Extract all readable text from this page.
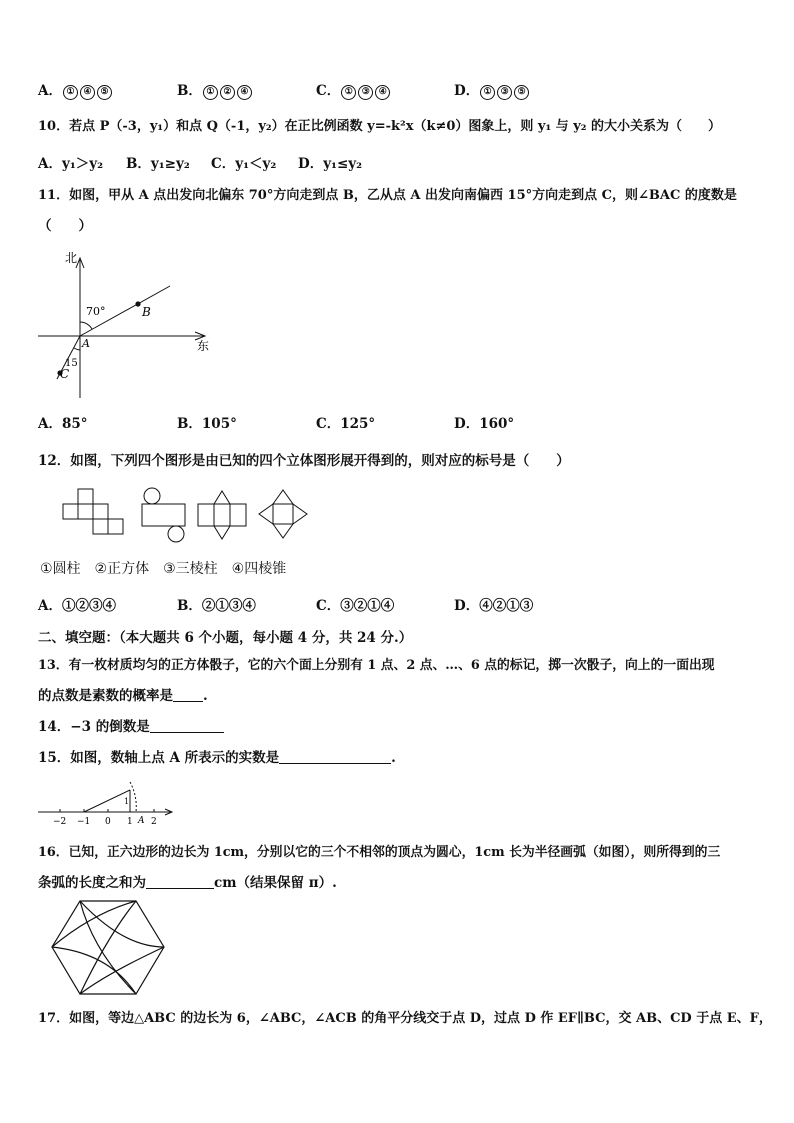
A． ① ④ ⑤	B． ① ② ④	C． ① ③ ④	D． ① ③ ⑤
10．若点 P（-3，y₁）和点 Q（-1，y₂）在正比例函数 y=-k²x（k≠0）图象上，则 y₁ 与 y₂ 的大小关系为（　　）
A．y₁＞y₂ B．y₁≥y₂ C．y₁＜y₂ D．y₁≤y₂
11．如图，甲从 A 点出发向北偏东 70°方向走到点 B，乙从点 A 出发向南偏西 15°方向走到点 C，则∠BAC 的度数是
（　　）
北
东
70°
15
A
B
C
A．85°	B．105°	C．125°	D．160°
12．如图，下列四个图形是由已知的四个立体图形展开得到的，则对应的标号是（　　）
①圆柱　②正方体　③三棱柱　④四棱锥
A．①②③④	B．②①③④	C．③②①④	D．④②①③
二、填空题：（本大题共 6 个小题，每小题 4 分，共 24 分.）
13．有一枚材质均匀的正方体骰子，它的六个面上分别有 1 点、2 点、…、6 点的标记，掷一次骰子，向上的一面出现
的点数是素数的概率是 .
14．−3 的倒数是
15．如图，数轴上点 A 所表示的实数是	.
−2 −1 0 1 2
A
1
16．已知，正六边形的边长为 1cm，分别以它的三个不相邻的顶点为圆心，1cm 长为半径画弧（如图），则所得到的三
条弧的长度之和为	cm（结果保留 π）.
17．如图，等边△ABC 的边长为 6，∠ABC，∠ACB 的角平分线交于点 D，过点 D 作 EF∥BC，交 AB、CD 于点 E、F，
